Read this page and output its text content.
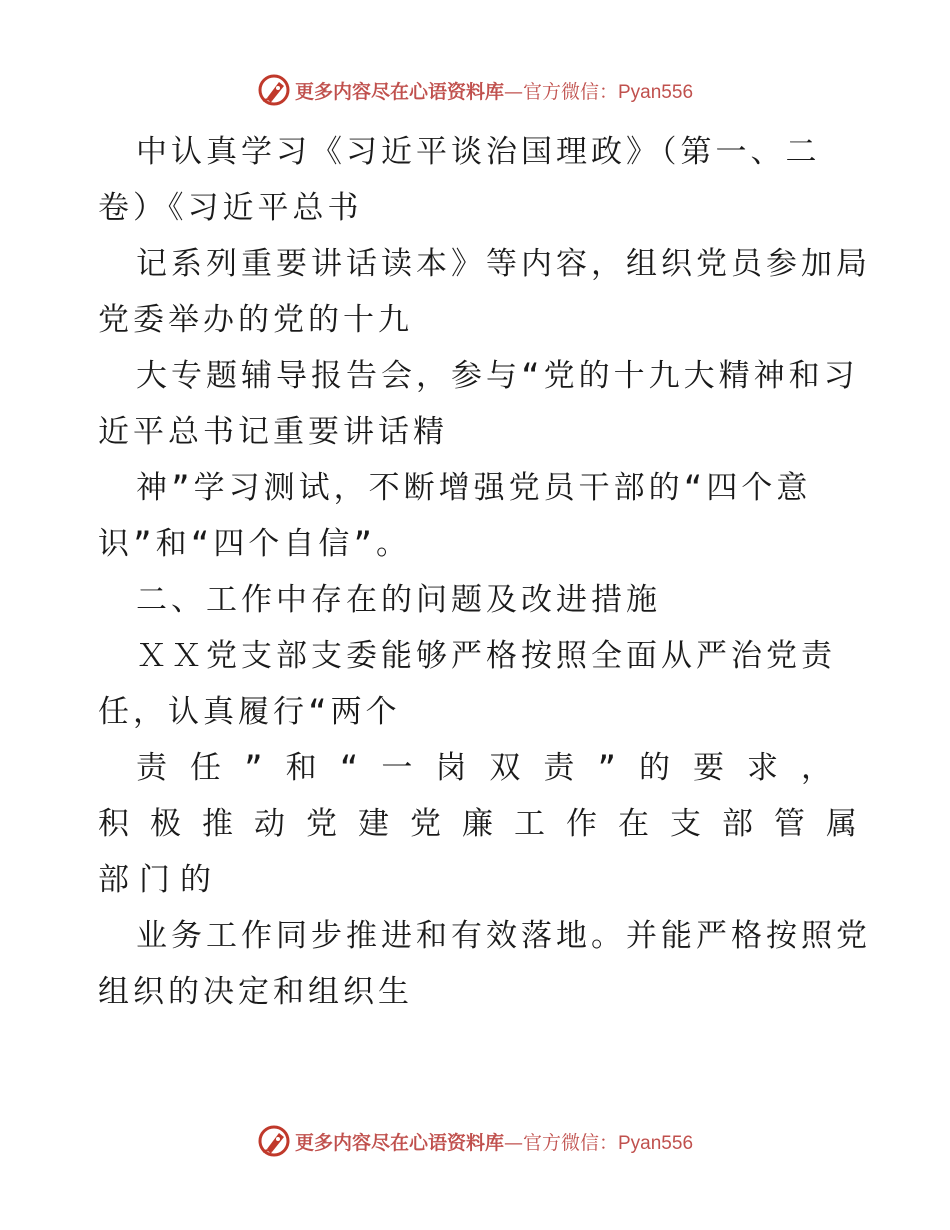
更多内容尽在心语资料库—官方微信：Pyan556
中认真学习《习近平谈治国理政》（第一、二
卷）《习近平总书
记系列重要讲话读本》等内容，组织党员参加局
党委举办的党的十九
大专题辅导报告会，参与“党的十九大精神和习
近平总书记重要讲话精
神”学习测试，不断增强党员干部的“四个意
识”和“四个自信”。
二、工作中存在的问题及改进措施
ＸＸ党支部支委能够严格按照全面从严治党责
任，认真履行“两个
责任”和“一岗双责”的要求，
积极推动党建党廉工作在支部管属
部门的
业务工作同步推进和有效落地。并能严格按照党
组织的决定和组织生
更多内容尽在心语资料库—官方微信：Pyan556
